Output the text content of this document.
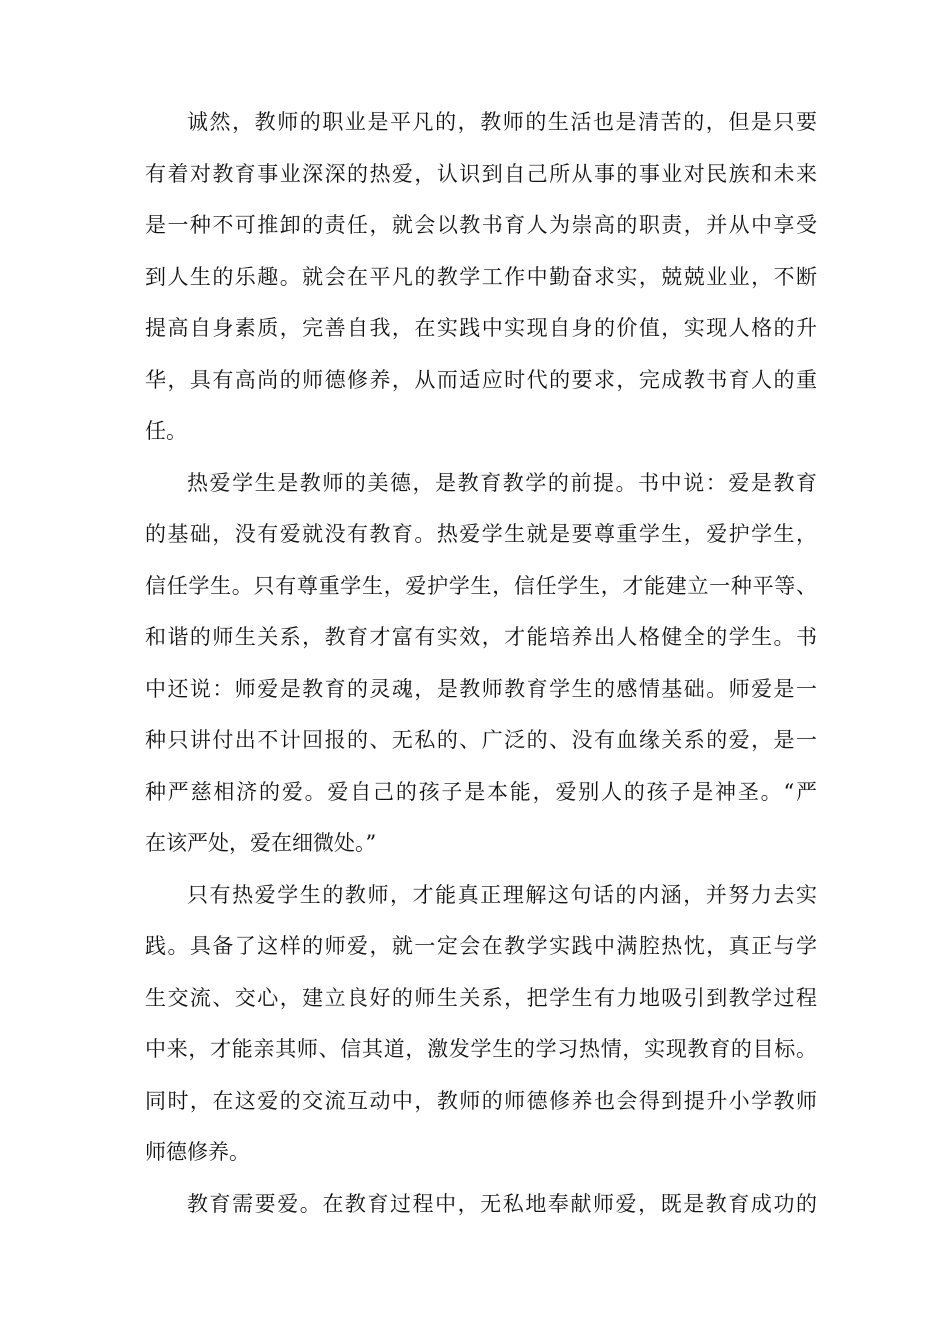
诚然，教师的职业是平凡的，教师的生活也是清苦的，但是只要
有着对教育事业深深的热爱，认识到自己所从事的事业对民族和未来
是一种不可推卸的责任，就会以教书育人为崇高的职责，并从中享受
到人生的乐趣。就会在平凡的教学工作中勤奋求实，兢兢业业，不断
提高自身素质，完善自我，在实践中实现自身的价值，实现人格的升
华，具有高尚的师德修养，从而适应时代的要求，完成教书育人的重
任。
热爱学生是教师的美德，是教育教学的前提。书中说：爱是教育
的基础，没有爱就没有教育。热爱学生就是要尊重学生，爱护学生，
信任学生。只有尊重学生，爱护学生，信任学生，才能建立一种平等、
和谐的师生关系，教育才富有实效，才能培养出人格健全的学生。书
中还说：师爱是教育的灵魂，是教师教育学生的感情基础。师爱是一
种只讲付出不计回报的、无私的、广泛的、没有血缘关系的爱，是一
种严慈相济的爱。爱自己的孩子是本能，爱别人的孩子是神圣。“严
在该严处，爱在细微处。”
只有热爱学生的教师，才能真正理解这句话的内涵，并努力去实
践。具备了这样的师爱，就一定会在教学实践中满腔热忱，真正与学
生交流、交心，建立良好的师生关系，把学生有力地吸引到教学过程
中来，才能亲其师、信其道，激发学生的学习热情，实现教育的目标。
同时，在这爱的交流互动中，教师的师德修养也会得到提升小学教师
师德修养。
教育需要爱。在教育过程中，无私地奉献师爱，既是教育成功的
